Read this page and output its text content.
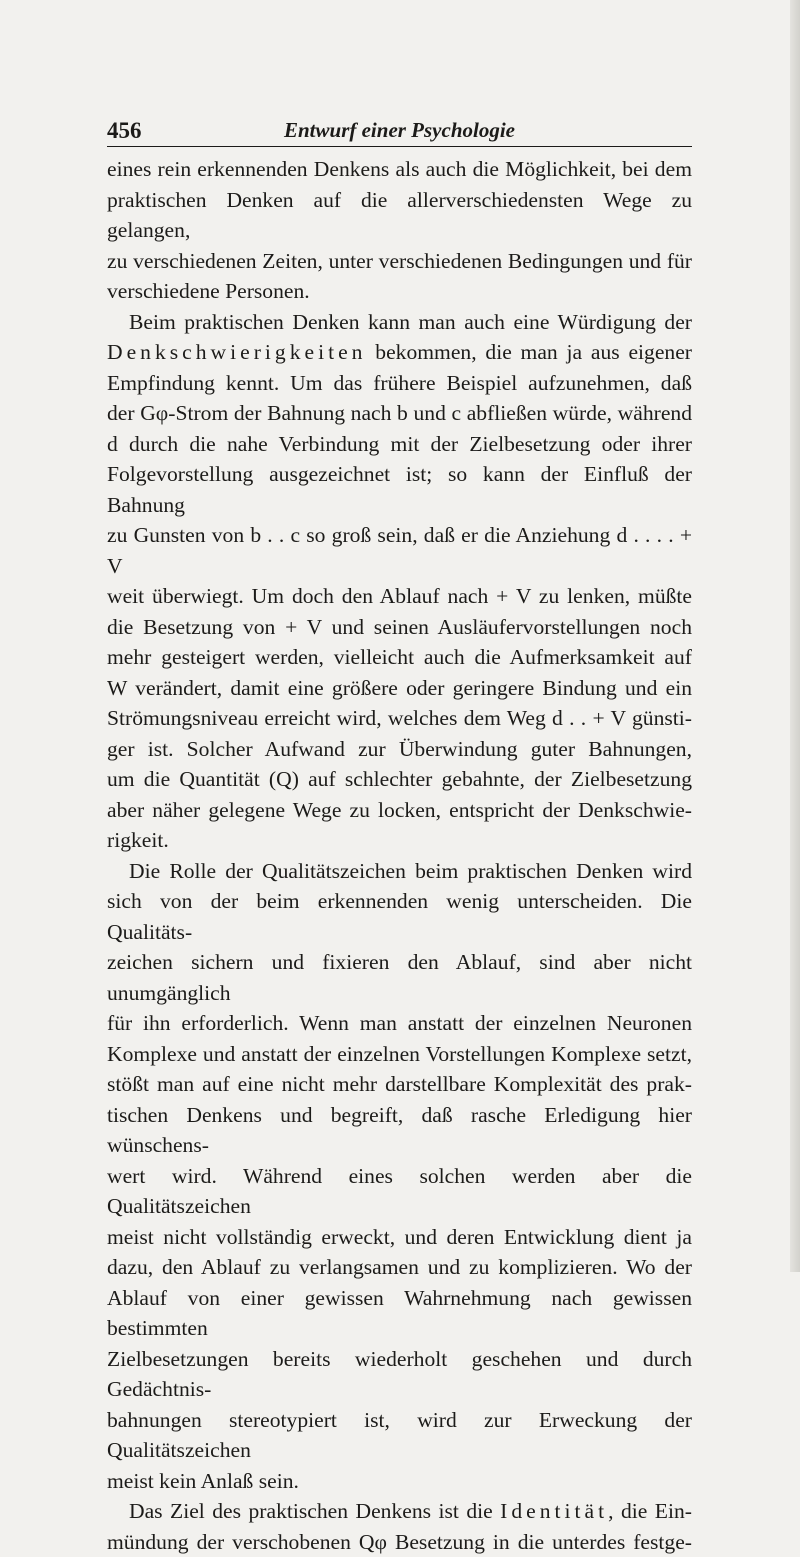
456	Entwurf einer Psychologie

eines rein erkennenden Denkens als auch die Möglichkeit, bei dem

praktischen Denken auf die allerverschiedensten Wege zu gelangen,

zu verschiedenen Zeiten, unter verschiedenen Bedingungen und für

verschiedene Personen.

Beim praktischen Denken kann man auch eine Würdigung der

Denkschwierigkeiten bekommen, die man ja aus eigener

Empfindung kennt. Um das frühere Beispiel aufzunehmen, daß

der Gφ-Strom der Bahnung nach b und c abfließen würde, während

d durch die nahe Verbindung mit der Zielbesetzung oder ihrer

Folgevorstellung ausgezeichnet ist; so kann der Einfluß der Bahnung

zu Gunsten von b . . c so groß sein, daß er die Anziehung d . . . . + V

weit überwiegt. Um doch den Ablauf nach + V zu lenken, müßte

die Besetzung von + V und seinen Ausläufervorstellungen noch

mehr gesteigert werden, vielleicht auch die Aufmerksamkeit auf

W verändert, damit eine größere oder geringere Bindung und ein

Strömungsniveau erreicht wird, welches dem Weg d . . + V günsti-

ger ist. Solcher Aufwand zur Überwindung guter Bahnungen,

um die Quantität (Q) auf schlechter gebahnte, der Zielbesetzung

aber näher gelegene Wege zu locken, entspricht der Denkschwie-

rigkeit.

Die Rolle der Qualitätszeichen beim praktischen Denken wird

sich von der beim erkennenden wenig unterscheiden. Die Qualitäts-

zeichen sichern und fixieren den Ablauf, sind aber nicht unumgänglich

für ihn erforderlich. Wenn man anstatt der einzelnen Neuronen

Komplexe und anstatt der einzelnen Vorstellungen Komplexe setzt,

stößt man auf eine nicht mehr darstellbare Komplexität des prak-

tischen Denkens und begreift, daß rasche Erledigung hier wünschens-

wert wird. Während eines solchen werden aber die Qualitätszeichen

meist nicht vollständig erweckt, und deren Entwicklung dient ja

dazu, den Ablauf zu verlangsamen und zu komplizieren. Wo der

Ablauf von einer gewissen Wahrnehmung nach gewissen bestimmten

Zielbesetzungen bereits wiederholt geschehen und durch Gedächtnis-

bahnungen stereotypiert ist, wird zur Erweckung der Qualitätszeichen

meist kein Anlaß sein.

Das Ziel des praktischen Denkens ist die Identität, die Ein-

mündung der verschobenen Qφ Besetzung in die unterdes festge-
